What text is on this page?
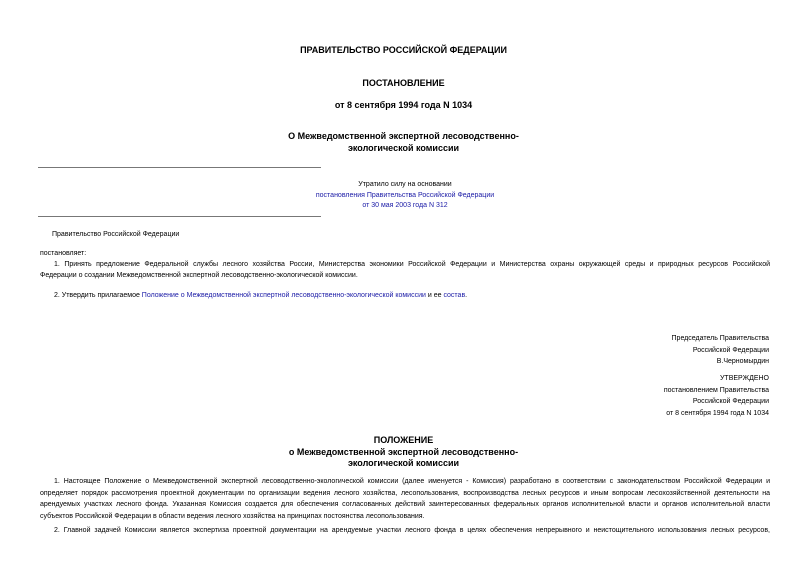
ПРАВИТЕЛЬСТВО РОССИЙСКОЙ ФЕДЕРАЦИИ
ПОСТАНОВЛЕНИЕ
от 8 сентября 1994 года N 1034
О Межведомственной экспертной лесоводственно-
экологической комиссии
Утратило силу на основании
постановления Правительства Российской Федерации
от 30 мая 2003 года N 312
Правительство Российской Федерации
постановляет:
1. Принять предложение Федеральной службы лесного хозяйства России, Министерства экономики Российской Федерации и Министерства охраны окружающей среды и природных ресурсов Российской
Федерации о создании Межведомственной экспертной лесоводственно-экологической комиссии.
2. Утвердить прилагаемое Положение о Межведомственной экспертной лесоводственно-экологической комиссии и ее состав.
Председатель Правительства
Российской Федерации
В.Черномырдин
УТВЕРЖДЕНО
постановлением Правительства
Российской Федерации
от 8 сентября 1994 года N 1034
ПОЛОЖЕНИЕ
о Межведомственной экспертной лесоводственно-
экологической комиссии
1. Настоящее Положение о Межведомственной экспертной лесоводственно-экологической комиссии (далее именуется - Комиссия) разработано в соответствии с законодательством Российской Федерации и
определяет порядок рассмотрения проектной документации по организации ведения лесного хозяйства, лесопользования, воспроизводства лесных ресурсов и иным вопросам лесохозяйственной деятельности на
арендуемых участках лесного фонда. Указанная Комиссия создается для обеспечения согласованных действий заинтересованных федеральных органов исполнительной власти и органов исполнительной власти
субъектов Российской Федерации в области ведения лесного хозяйства на принципах постоянства лесопользования.
2. Главной задачей Комиссии является экспертиза проектной документации на арендуемые участки лесного фонда в целях обеспечения непрерывного и неистощительного использования лесных ресурсов,
